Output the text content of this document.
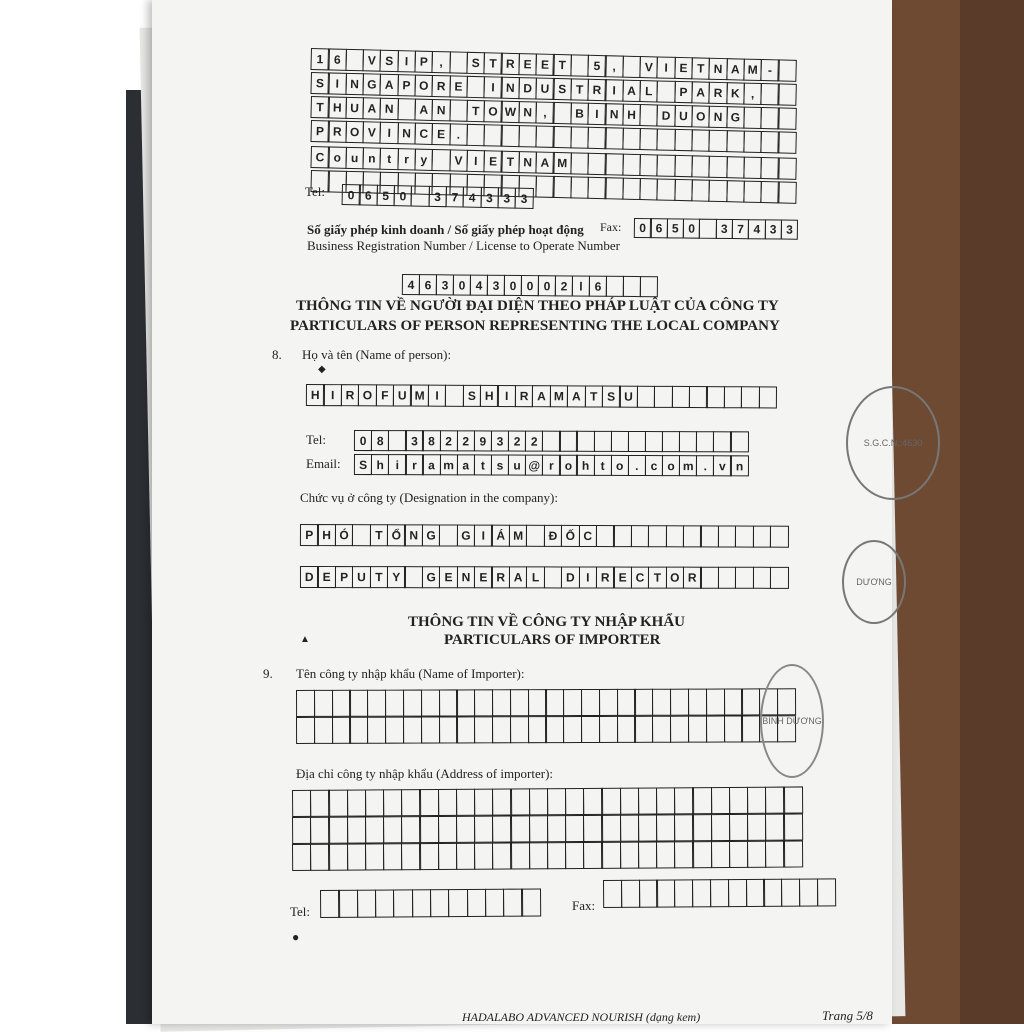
1 6	V S I P ,	S T R E E T	5 ,	V I E T N A M -
S I N G A P O R E	I N D U S T R I A L	P A R K ,
T H U A N	A N	T O W N ,	B I N H	D U O N G
P R O V I N C E .
C o u n t	r y	V I E T N A M
Tel:	0 6 5 0	3 7 4 3 3 3
Fax:	0 6 5 0	3 7 4 3 3
Số giấy phép kinh doanh / Số giấy phép hoạt động
Business Registration Number / License to Operate Number
4 6 3 0 4 3 0 0 0 2 l 6
THÔNG TIN VỀ NGƯỜI ĐẠI DIỆN THEO PHÁP LUẬT CỦA CÔNG TY
PARTICULARS OF PERSON REPRESENTING THE LOCAL COMPANY
8. Họ và tên (Name of person):
◆
H I R O F U M I	S H I R A M A T S U
Tel:	0 8	3 8 2 2 9 3 2 2
Email:	S h i	r a m a t s u @ r o h t o .	c o m .	v n
Chức vụ ở công ty (Designation in the company):
P H Ó	T Ổ N G	G I Á M	Đ Ố C
D E P U T Y	G E N E R A L	D I R E C T O R
THÔNG TIN VỀ CÔNG TY NHẬP KHẨU
PARTICULARS OF IMPORTER
▲
9. Tên công ty nhập khẩu (Name of Importer):
Địa chỉ công ty nhập khẩu (Address of importer):
Tel:	Fax:
●
HADALABO ADVANCED NOURISH (dạng kem)	Trang 5/8
S.G.C.N.:4630
DƯƠNG
BÌNH DƯƠNG
